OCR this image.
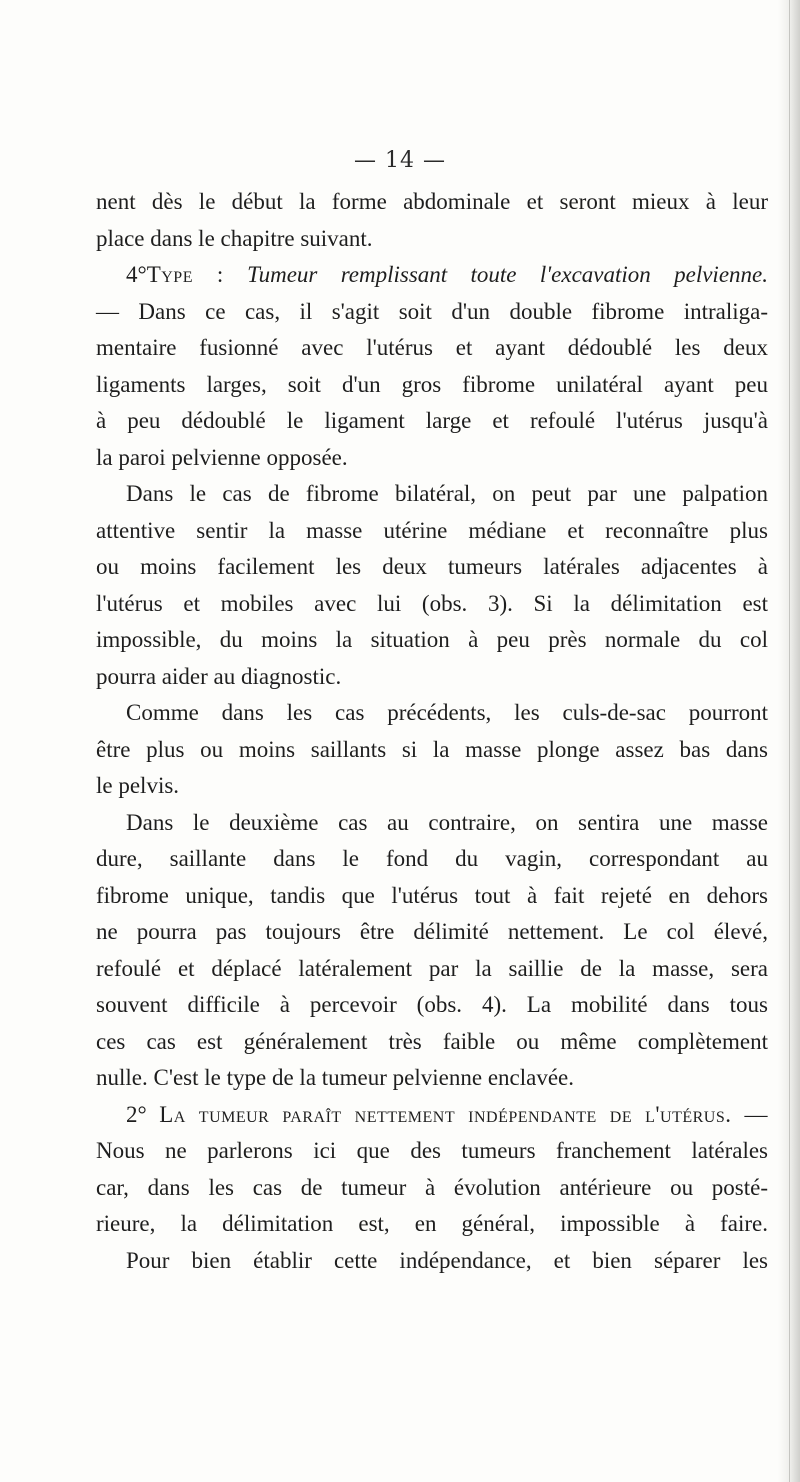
— 14 —
nent dès le début la forme abdominale et seront mieux à leur
place dans le chapitre suivant.
4°Type : Tumeur remplissant toute l'excavation pelvienne.
— Dans ce cas, il s'agit soit d'un double fibrome intraliga-
mentaire fusionné avec l'utérus et ayant dédoublé les deux
ligaments larges, soit d'un gros fibrome unilatéral ayant peu
à peu dédoublé le ligament large et refoulé l'utérus jusqu'à
la paroi pelvienne opposée.
Dans le cas de fibrome bilatéral, on peut par une palpation
attentive sentir la masse utérine médiane et reconnaître plus
ou moins facilement les deux tumeurs latérales adjacentes à
l'utérus et mobiles avec lui (obs. 3). Si la délimitation est
impossible, du moins la situation à peu près normale du col
pourra aider au diagnostic.
Comme dans les cas précédents, les culs-de-sac pourront
être plus ou moins saillants si la masse plonge assez bas dans
le pelvis.
Dans le deuxième cas au contraire, on sentira une masse
dure, saillante dans le fond du vagin, correspondant au
fibrome unique, tandis que l'utérus tout à fait rejeté en dehors
ne pourra pas toujours être délimité nettement. Le col élevé,
refoulé et déplacé latéralement par la saillie de la masse, sera
souvent difficile à percevoir (obs. 4). La mobilité dans tous
ces cas est généralement très faible ou même complètement
nulle. C'est le type de la tumeur pelvienne enclavée.
2° La tumeur paraît nettement indépendante de l'utérus. —
Nous ne parlerons ici que des tumeurs franchement latérales
car, dans les cas de tumeur à évolution antérieure ou posté-
rieure, la délimitation est, en général, impossible à faire.
Pour bien établir cette indépendance, et bien séparer les
